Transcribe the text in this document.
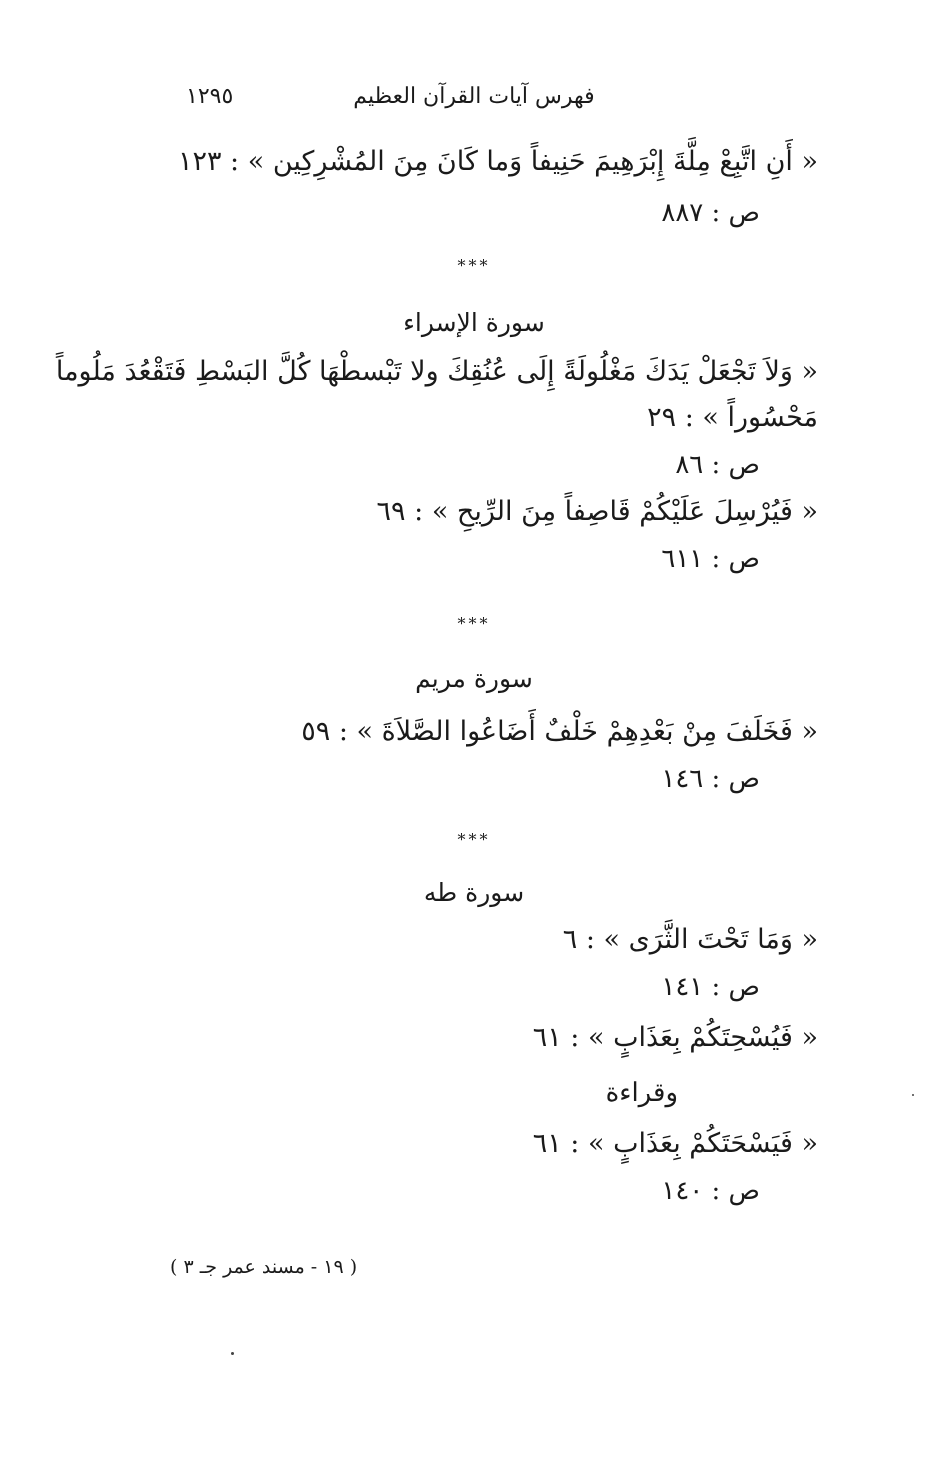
١٢٩٥	فهرس آيات القرآن العظيم
« أَنِ اتَّبِعْ مِلَّةَ إِبْرَهِيمَ حَنِيفاً وَما كَانَ مِنَ المُشْرِكِين » : ١٢٣
ص : ٨٨٧
***
سورة الإسراء
« وَلاَ تَجْعَلْ يَدَكَ مَغْلُولَةً إِلَى عُنُقِكَ ولا تَبْسطْهَا كُلَّ البَسْطِ فَتَقْعُدَ مَلُوماً
مَحْسُوراً » : ٢٩
ص : ٨٦
« فَيُرْسِلَ عَلَيْكُمْ قَاصِفاً مِنَ الرِّيحِ » : ٦٩
ص : ٦١١
***
سورة مريم
« فَخَلَفَ مِنْ بَعْدِهِمْ خَلْفٌ أَضَاعُوا الصَّلاَةَ » : ٥٩
ص : ١٤٦
***
سورة طه
« وَمَا تَحْتَ الثَّرَى » : ٦
ص : ١٤١
« فَيُسْحِتَكُمْ بِعَذَابٍ » : ٦١
وقراءة
« فَيَسْحَتَكُمْ بِعَذَابٍ » : ٦١
ص : ١٤٠
( ١٩ - مسند عمر جـ ٣ )
